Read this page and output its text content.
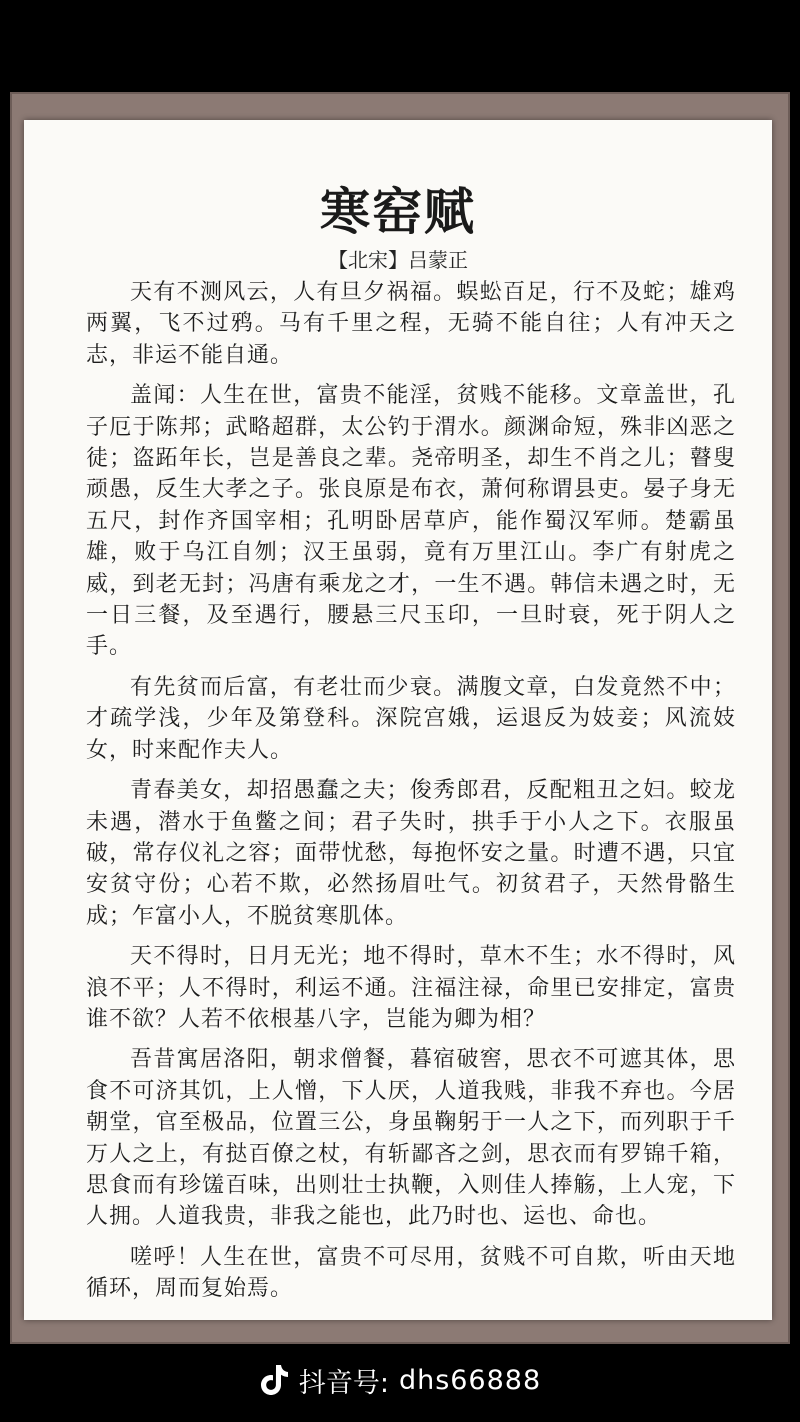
寒窑赋
【北宋】吕蒙正

天有不测风云，人有旦夕祸福。蜈蚣百足，行不及蛇；雄鸡两翼，飞不过鸦。马有千里之程，无骑不能自往；人有冲天之志，非运不能自通。

盖闻：人生在世，富贵不能淫，贫贱不能移。文章盖世，孔子厄于陈邦；武略超群，太公钓于渭水。颜渊命短，殊非凶恶之徒；盗跖年长，岂是善良之辈。尧帝明圣，却生不肖之儿；瞽叟顽愚，反生大孝之子。张良原是布衣，萧何称谓县吏。晏子身无五尺，封作齐国宰相；孔明卧居草庐，能作蜀汉军师。楚霸虽雄，败于乌江自刎；汉王虽弱，竟有万里江山。李广有射虎之威，到老无封；冯唐有乘龙之才，一生不遇。韩信未遇之时，无一日三餐，及至遇行，腰悬三尺玉印，一旦时衰，死于阴人之手。

有先贫而后富，有老壮而少衰。满腹文章，白发竟然不中；才疏学浅，少年及第登科。深院宫娥，运退反为妓妾；风流妓女，时来配作夫人。

青春美女，却招愚蠢之夫；俊秀郎君，反配粗丑之妇。蛟龙未遇，潜水于鱼鳖之间；君子失时，拱手于小人之下。衣服虽破，常存仪礼之容；面带忧愁，每抱怀安之量。时遭不遇，只宜安贫守份；心若不欺，必然扬眉吐气。初贫君子，天然骨骼生成；乍富小人，不脱贫寒肌体。

天不得时，日月无光；地不得时，草木不生；水不得时，风浪不平；人不得时，利运不通。注福注禄，命里已安排定，富贵谁不欲？人若不依根基八字，岂能为卿为相？

吾昔寓居洛阳，朝求僧餐，暮宿破窖，思衣不可遮其体，思食不可济其饥，上人憎，下人厌，人道我贱，非我不弃也。今居朝堂，官至极品，位置三公，身虽鞠躬于一人之下，而列职于千万人之上，有挞百僚之杖，有斩鄙吝之剑，思衣而有罗锦千箱，思食而有珍馐百味，出则壮士执鞭，入则佳人捧觞，上人宠，下人拥。人道我贵，非我之能也，此乃时也、运也、命也。

嗟呼！人生在世，富贵不可尽用，贫贱不可自欺，听由天地循环，周而复始焉。

抖音号: dhs66888
